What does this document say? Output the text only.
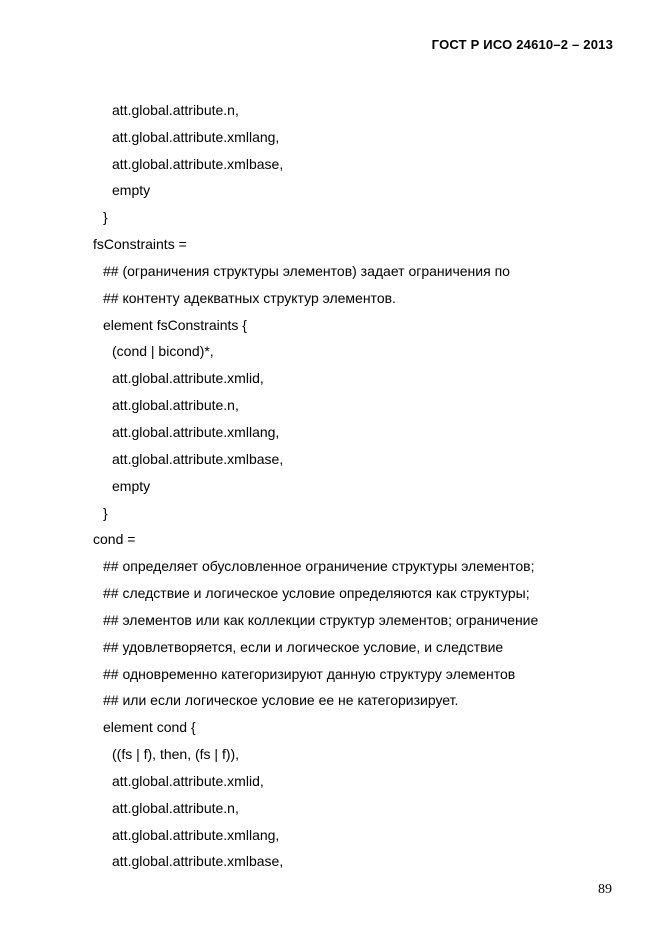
ГОСТ Р ИСО 24610–2 – 2013
att.global.attribute.n,
att.global.attribute.xmllang,
att.global.attribute.xmlbase,
empty
}
fsConstraints =
## (ограничения структуры элементов) задает ограничения по
## контенту адекватных структур элементов.
element fsConstraints {
(cond | bicond)*,
att.global.attribute.xmlid,
att.global.attribute.n,
att.global.attribute.xmllang,
att.global.attribute.xmlbase,
empty
}
cond =
## определяет обусловленное ограничение структуры элементов;
## следствие и логическое условие определяются как структуры;
## элементов или как коллекции структур элементов; ограничение
## удовлетворяется, если и логическое условие, и следствие
## одновременно категоризируют данную структуру элементов
## или если логическое условие ее не категоризирует.
element cond {
((fs | f), then, (fs | f)),
att.global.attribute.xmlid,
att.global.attribute.n,
att.global.attribute.xmllang,
att.global.attribute.xmlbase,
89
